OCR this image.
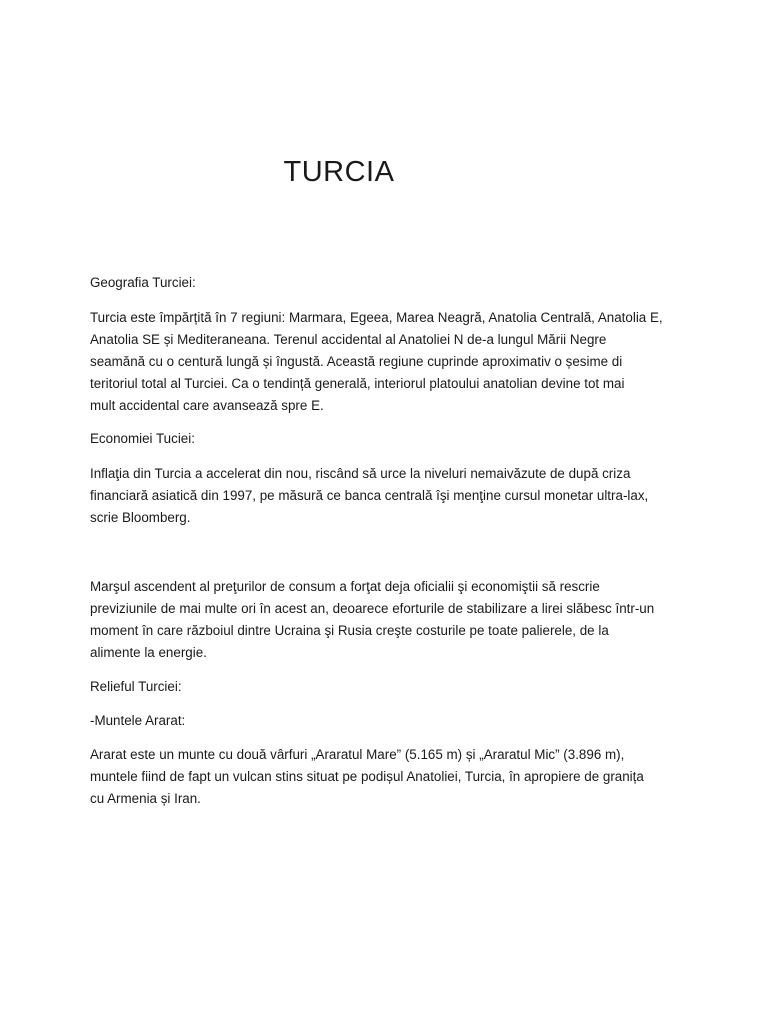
TURCIA

Geografia Turciei:

Turcia este împărțită în 7 regiuni: Marmara, Egeea, Marea Neagră, Anatolia Centrală, Anatolia E,
Anatolia SE și Mediteraneana. Terenul accidental al Anatoliei N de-a lungul Mării Negre
seamănă cu o centură lungă și îngustă. Această regiune cuprinde aproximativ o șesime di
teritoriul total al Turciei. Ca o tendință generală, interiorul platoului anatolian devine tot mai
mult accidental care avansează spre E.

Economiei Tuciei:

Inflaţia din Turcia a accelerat din nou, riscând să urce la niveluri nemaivăzute de după criza
financiară asiatică din 1997, pe măsură ce banca centrală îşi menţine cursul monetar ultra-lax,
scrie Bloomberg.
Marşul ascendent al preţurilor de consum a forţat deja oficialii şi economiştii să rescrie
previziunile de mai multe ori în acest an, deoarece eforturile de stabilizare a lirei slăbesc într-un
moment în care războiul dintre Ucraina şi Rusia creşte costurile pe toate palierele, de la
alimente la energie.

Relieful Turciei:

-Muntele Ararat:

Ararat este un munte cu două vârfuri „Araratul Mare” (5.165 m) și „Araratul Mic” (3.896 m),
muntele fiind de fapt un vulcan stins situat pe podișul Anatoliei, Turcia, în apropiere de granița
cu Armenia și Iran.
